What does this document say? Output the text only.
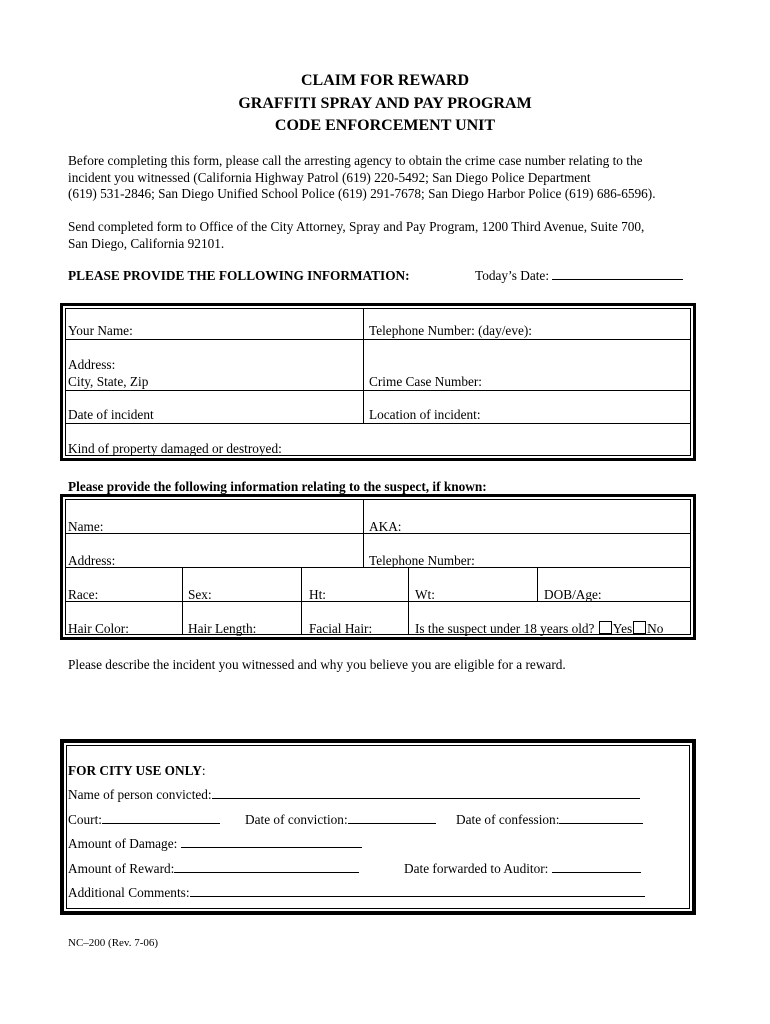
CLAIM FOR REWARD
GRAFFITI SPRAY AND PAY PROGRAM
CODE ENFORCEMENT UNIT
Before completing this form, please call the arresting agency to obtain the crime case number relating to the
incident you witnessed (California Highway Patrol (619) 220-5492; San Diego Police Department
(619) 531-2846; San Diego Unified School Police (619) 291-7678; San Diego Harbor Police (619) 686-6596).
Send completed form to Office of the City Attorney, Spray and Pay Program, 1200 Third Avenue, Suite 700,
San Diego, California 92101.
PLEASE PROVIDE THE FOLLOWING INFORMATION:	Today’s Date:
Your Name:	Telephone Number: (day/eve):
Address:
City, State, Zip	Crime Case Number:
Date of incident	Location of incident:
Kind of property damaged or destroyed:
Please provide the following information relating to the suspect, if known:
Name:	AKA:
Address:	Telephone Number:
Race:	Sex:	Ht:	Wt:	DOB/Age:
Hair Color:	Hair Length:	Facial Hair:	Is the suspect under 18 years old? Yes No
Please describe the incident you witnessed and why you believe you are eligible for a reward.
FOR CITY USE ONLY:
Name of person convicted:
Court:	Date of conviction:	Date of confession:
Amount of Damage:
Amount of Reward:	Date forwarded to Auditor:
Additional Comments:
NC–200 (Rev. 7-06)
